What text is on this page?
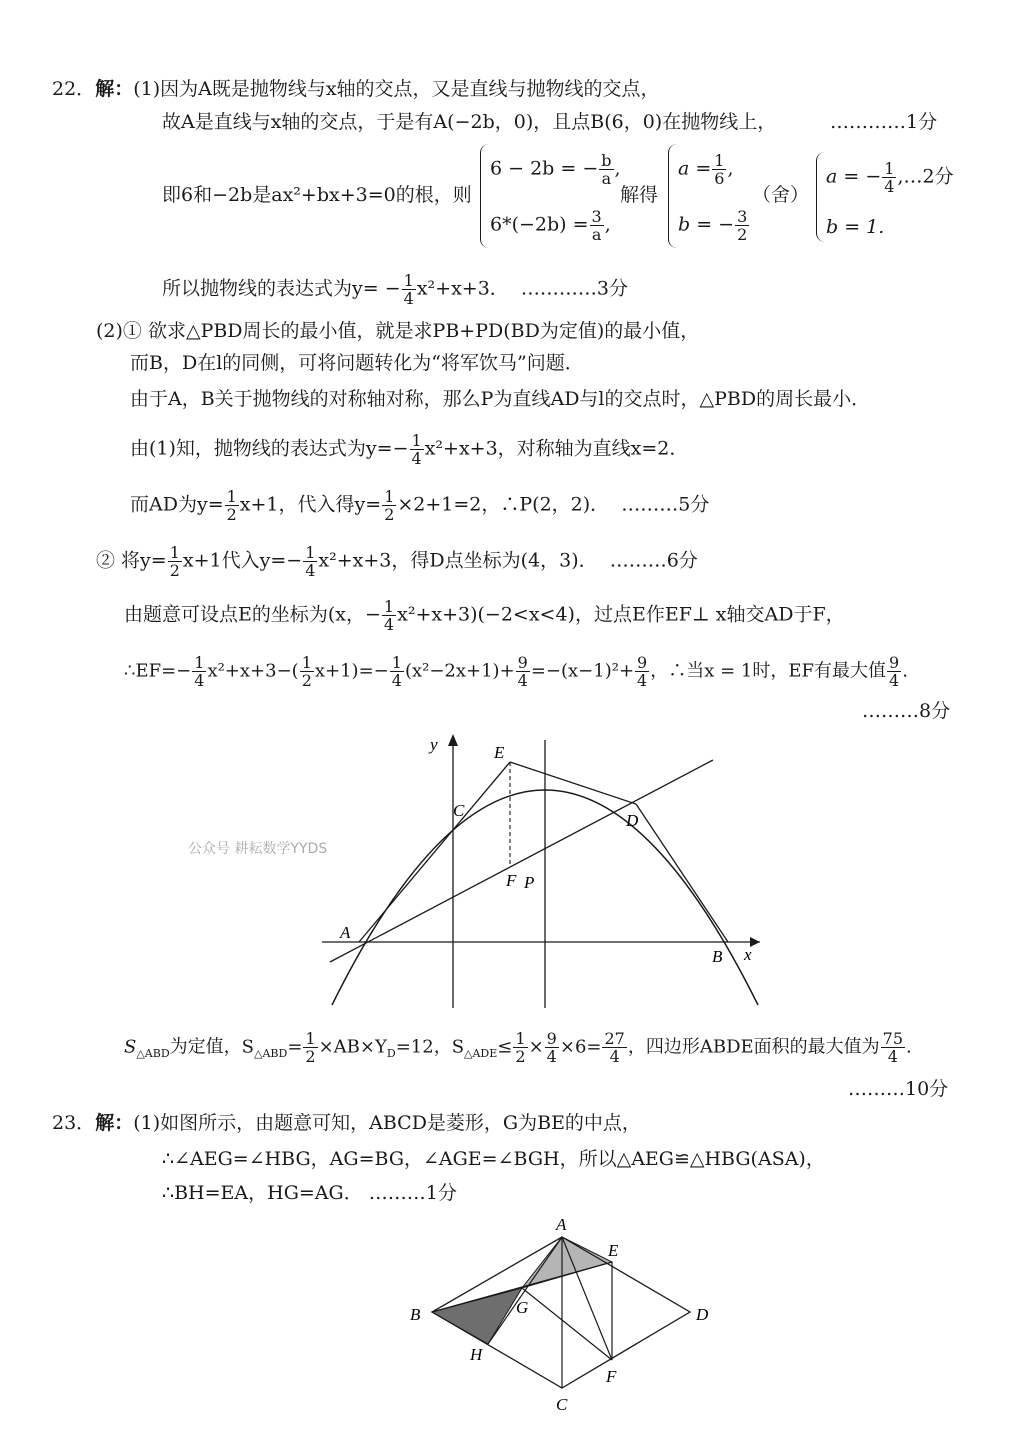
22．解：(1)因为A既是抛物线与x轴的交点，又是直线与抛物线的交点，
故A是直线与x轴的交点，于是有A(−2b，0)，且点B(6，0)在抛物线上，	…………1分
即6和−2b是ax²+bx+3=0的根，则
6 − 2b = − $\frac{b}{a}$ ,
$6*(-2b) = \frac{3}{a}$ ,
解得
$a = \frac{1}{6}$ ,
b = − $\frac{3}{2}$
（舍）
a = − $\frac{1}{4}$ ,…2分
b = 1.
所以抛物线的表达式为$y= - \frac{1}{4} x^2+x+3$． …………3分
(2)① 欲求△PBD周长的最小值，就是求PB+PD(BD为定值)的最小值，
而B，D在l的同侧，可将问题转化为“将军饮马”问题．
由于A，B关于抛物线的对称轴对称，那么P为直线AD与l的交点时，△PBD的周长最小．
由(1)知，抛物线的表达式为$y=- \frac{1}{4} x^2+x+3$，对称轴为直线x=2．
而AD为$y= \frac{1}{2} x+1$，代入得$y= \frac{1}{2} \times 2+1=2$，∴P(2，2)． ………5分
② 将$y= \frac{1}{2} x+1$代入$y=- \frac{1}{4} x^2+x+3$，得D点坐标为(4，3)． ………6分
由题意可设点E的坐标为(x，− $\frac{1}{4} x^2+x+3)(-2<x<4)$，过点E作EF⊥ x轴交AD于F，
∴EF=− $\frac{1}{4} x^2+x+3-( \frac{1}{2} x+1)=- \frac{1}{4} (x^2-2x+1)+ \frac{9}{4} =-(x-1)^2+ \frac{9}{4}$ ，∴当x = 1时，EF有最大值 $\frac{9}{4}$ .
………8分
y	E
C
D
F P
A
B x
公众号 耕耘数学YYDS
$S_{\triangle ABD}$为定值，$S_{\triangle ABD}= \frac{1}{2} \times AB\times Y_D=12$，$S_{\triangle ADE}\le \frac{1}{2} \times \frac{9}{4} \times 6= \frac{27}{4}$ ，四边形ABDE面积的最大值为 $\frac{75}{4}$ .
………10分
23．解：(1)如图所示，由题意可知，ABCD是菱形，G为BE的中点，
∴∠AEG=∠HBG，AG=BG，∠AGE=∠BGH，所以△AEG≌△HBG(ASA)，
∴BH=EA，HG=AG． ………1分
A
E
B	G	D
H
F
C
